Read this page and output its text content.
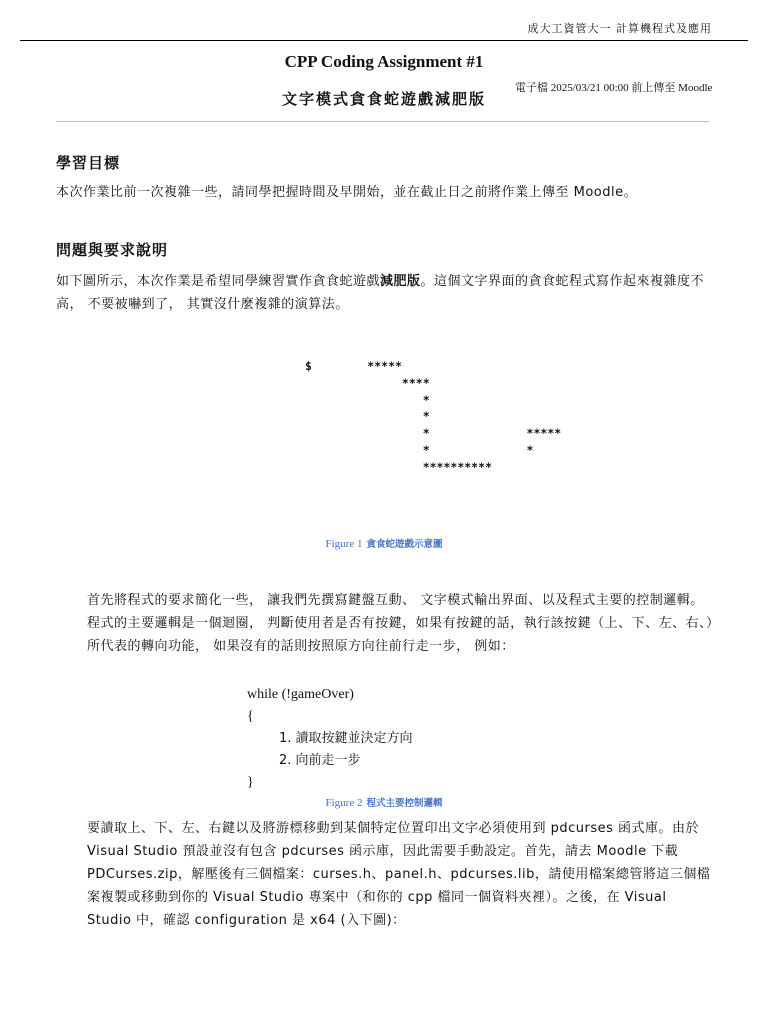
成大工資管大一 計算機程式及應用
CPP Coding Assignment #1
文字模式貪食蛇遊戲減肥版
電子檔 2025/03/21 00:00 前上傳至 Moodle
學習目標
本次作業比前一次複雜一些，請同學把握時間及早開始，並在截止日之前將作業上傳至 Moodle。
問題與要求說明
如下圖所示，本次作業是希望同學練習實作貪食蛇遊戲減肥版。這個文字界面的貪食蛇程式寫作起來複雜度不高， 不要被嚇到了， 其實沒什麼複雜的演算法。
$        *****
****
*
*
*              *****
*              *
**********
Figure 1 貪食蛇遊戲示意圖
首先將程式的要求簡化一些， 讓我們先撰寫鍵盤互動、 文字模式輸出界面、以及程式主要的控制邏輯。程式的主要邏輯是一個迴圈， 判斷使用者是否有按鍵，如果有按鍵的話，執行該按鍵（上、下、左、右、）所代表的轉向功能， 如果沒有的話則按照原方向往前行走一步， 例如：
while (!gameOver)
{
1. 讀取按鍵並決定方向
2. 向前走一步
}
Figure 2 程式主要控制邏輯
要讀取上、下、左、右鍵以及將游標移動到某個特定位置印出文字必須使用到 pdcurses 函式庫。由於 Visual Studio 預設並沒有包含 pdcurses 函示庫，因此需要手動設定。首先，請去 Moodle 下載 PDCurses.zip，解壓後有三個檔案：curses.h、panel.h、pdcurses.lib，請使用檔案總管將這三個檔案複製或移動到你的 Visual Studio 專案中（和你的 cpp 檔同一個資料夾裡）。之後，在 Visual Studio 中，確認 configuration 是 x64 (入下圖)：
